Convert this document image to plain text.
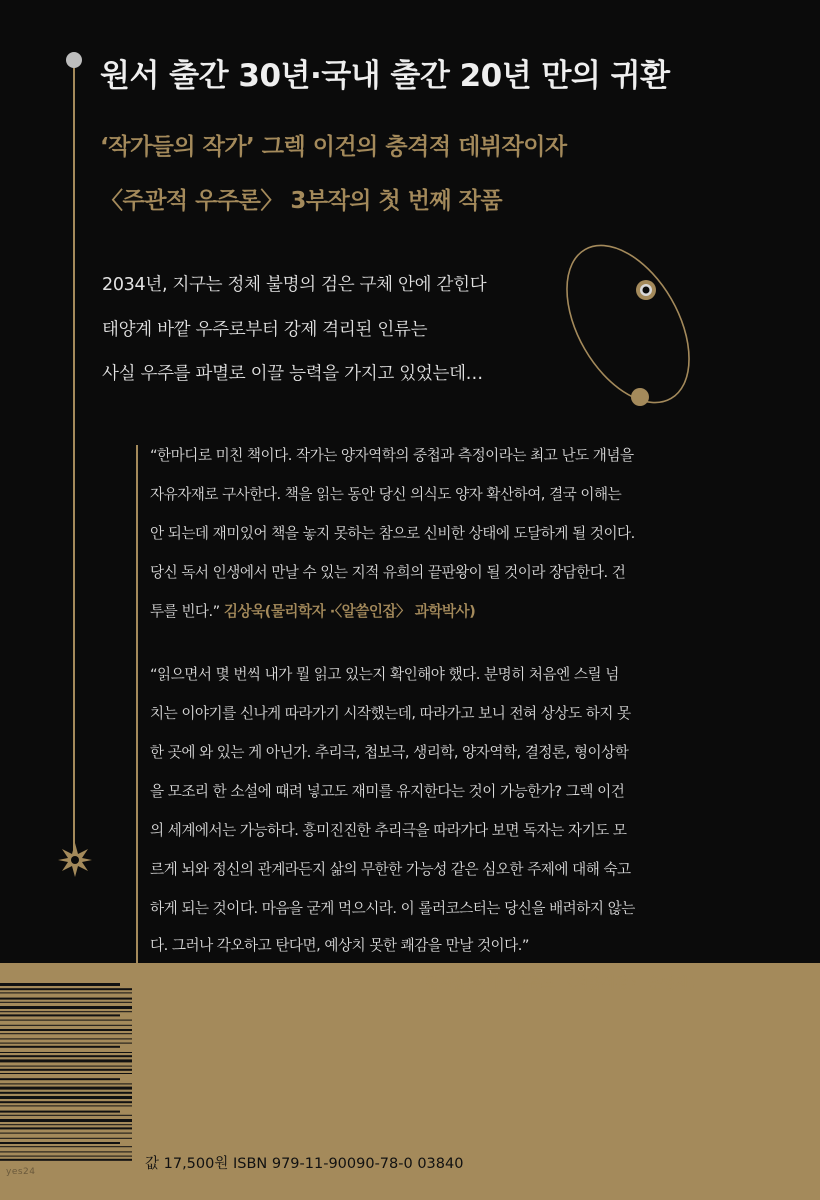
원서 출간 30년·국내 출간 20년 만의 귀환

‘작가들의 작가’ 그렉 이건의 충격적 데뷔작이자

〈주관적 우주론〉 3부작의 첫 번째 작품

2034년, 지구는 정체 불명의 검은 구체 안에 갇힌다

태양계 바깥 우주로부터 강제 격리된 인류는

사실 우주를 파멸로 이끌 능력을 가지고 있었는데…

“한마디로 미친 책이다. 작가는 양자역학의 중첩과 측정이라는 최고 난도 개념을

자유자재로 구사한다. 책을 읽는 동안 당신 의식도 양자 확산하여, 결국 이해는

안 되는데 재미있어 책을 놓지 못하는 참으로 신비한 상태에 도달하게 될 것이다.

당신 독서 인생에서 만날 수 있는 지적 유희의 끝판왕이 될 것이라 장담한다. 건

투를 빈다.” 김상욱(물리학자 ·〈알쓸인잡〉 과학박사)

“읽으면서 몇 번씩 내가 뭘 읽고 있는지 확인해야 했다. 분명히 처음엔 스릴 넘

치는 이야기를 신나게 따라가기 시작했는데, 따라가고 보니 전혀 상상도 하지 못

한 곳에 와 있는 게 아닌가. 추리극, 첩보극, 생리학, 양자역학, 결정론, 형이상학

을 모조리 한 소설에 때려 넣고도 재미를 유지한다는 것이 가능한가? 그렉 이건

의 세계에서는 가능하다. 흥미진진한 추리극을 따라가다 보면 독자는 자기도 모

르게 뇌와 정신의 관계라든지 삶의 무한한 가능성 같은 심오한 주제에 대해 숙고

하게 되는 것이다. 마음을 굳게 먹으시라. 이 롤러코스터는 당신을 배려하지 않는

다. 그러나 각오하고 탄다면, 예상치 못한 쾌감을 만날 것이다.”

김겨울(작가 · 유튜브 〈겨울서점〉 운영자)

yes24	값 17,500원 ISBN 979-11-90090-78-0 03840
